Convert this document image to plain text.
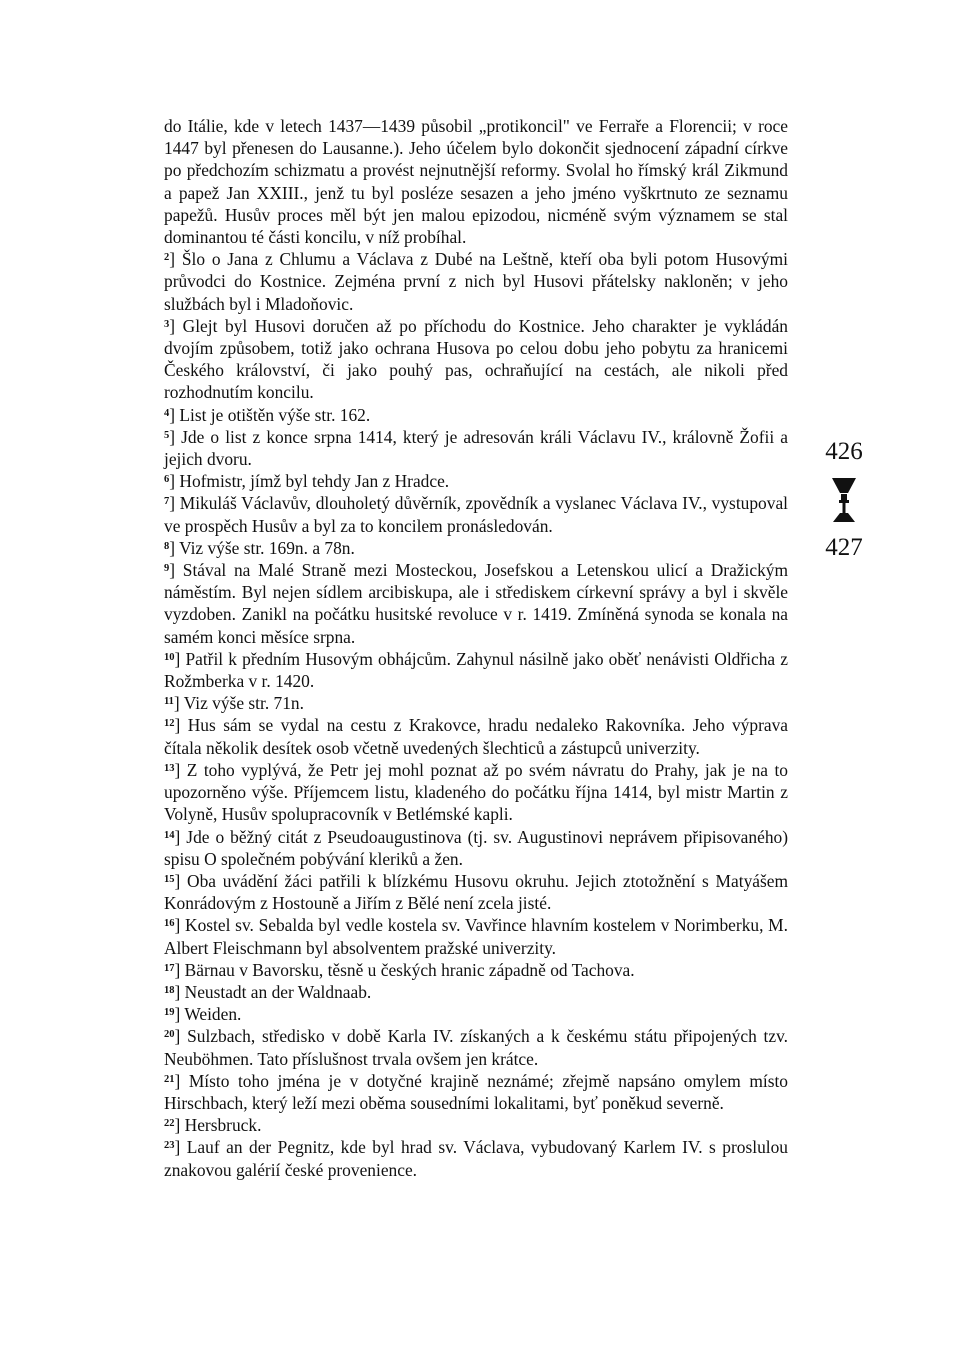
do Itálie, kde v letech 1437—1439 působil „protikoncil" ve Ferraře a Florencii; v roce 1447 byl přenesen do Lausanne.). Jeho účelem bylo dokončit sjednocení západní církve po předchozím schizmatu a provést nejnutnější reformy. Svolal ho římský král Zikmund a papež Jan XXIII., jenž tu byl posléze sesazen a jeho jméno vyškrtnuto ze seznamu papežů. Husův proces měl být jen malou epizodou, nicméně svým významem se stal dominantou té části koncilu, v níž probíhal.

$^2$] Šlo o Jana z Chlumu a Václava z Dubé na Leštně, kteří oba byli potom Husovými průvodci do Kostnice. Zejména první z nich byl Husovi přátelsky nakloněn; v jeho službách byl i Mladoňovic.

$^3$] Glejt byl Husovi doručen až po příchodu do Kostnice. Jeho charakter je vykládán dvojím způsobem, totiž jako ochrana Husova po celou dobu jeho pobytu za hranicemi Českého království, či jako pouhý pas, ochraňující na cestách, ale nikoli před rozhodnutím koncilu.

$^4$] List je otištěn výše str. 162.

$^5$] Jde o list z konce srpna 1414, který je adresován králi Václavu IV., královně Žofii a jejich dvoru.

$^6$] Hofmistr, jímž byl tehdy Jan z Hradce.

$^7$] Mikuláš Václavův, dlouholetý důvěrník, zpovědník a vyslanec Václava IV., vystupoval ve prospěch Husův a byl za to koncilem pronásledován.

$^8$] Viz výše str. 169n. a 78n.

$^9$] Stával na Malé Straně mezi Mosteckou, Josefskou a Letenskou ulicí a Dražickým náměstím. Byl nejen sídlem arcibiskupa, ale i střediskem církevní správy a byl i skvěle vyzdoben. Zanikl na počátku husitské revoluce v r. 1419. Zmíněná synoda se konala na samém konci měsíce srpna.

$^{10}$] Patřil k předním Husovým obhájcům. Zahynul násilně jako oběť nenávisti Oldřicha z Rožmberka v r. 1420.

$^{11}$] Viz výše str. 71n.

$^{12}$] Hus sám se vydal na cestu z Krakovce, hradu nedaleko Rakovníka. Jeho výprava čítala několik desítek osob včetně uvedených šlechticů a zástupců univerzity.

$^{13}$] Z toho vyplývá, že Petr jej mohl poznat až po svém návratu do Prahy, jak je na to upozorněno výše. Příjemcem listu, kladeného do počátku října 1414, byl mistr Martin z Volyně, Husův spolupracovník v Betlémské kapli.

$^{14}$] Jde o běžný citát z Pseudoaugustinova (tj. sv. Augustinovi neprávem připisovaného) spisu O společném pobývání kleriků a žen.

$^{15}$] Oba uvádění žáci patřili k blízkému Husovu okruhu. Jejich ztotožnění s Matyášem Konrádovým z Hostouně a Jiřím z Bělé není zcela jisté.

$^{16}$] Kostel sv. Sebalda byl vedle kostela sv. Vavřince hlavním kostelem v Norimberku, M. Albert Fleischmann byl absolventem pražské univerzity.

$^{17}$] Bärnau v Bavorsku, těsně u českých hranic západně od Tachova.

$^{18}$] Neustadt an der Waldnaab.

$^{19}$] Weiden.

$^{20}$] Sulzbach, středisko v době Karla IV. získaných a k českému státu připojených tzv. Neuböhmen. Tato příslušnost trvala ovšem jen krátce.

$^{21}$] Místo toho jména je v dotyčné krajině neznámé; zřejmě napsáno omylem místo Hirschbach, který leží mezi oběma sousedními lokalitami, byť poněkud severně.

$^{22}$] Hersbruck.

$^{23}$] Lauf an der Pegnitz, kde byl hrad sv. Václava, vybudovaný Karlem IV. s proslulou znakovou galérií české provenience.

426
427
